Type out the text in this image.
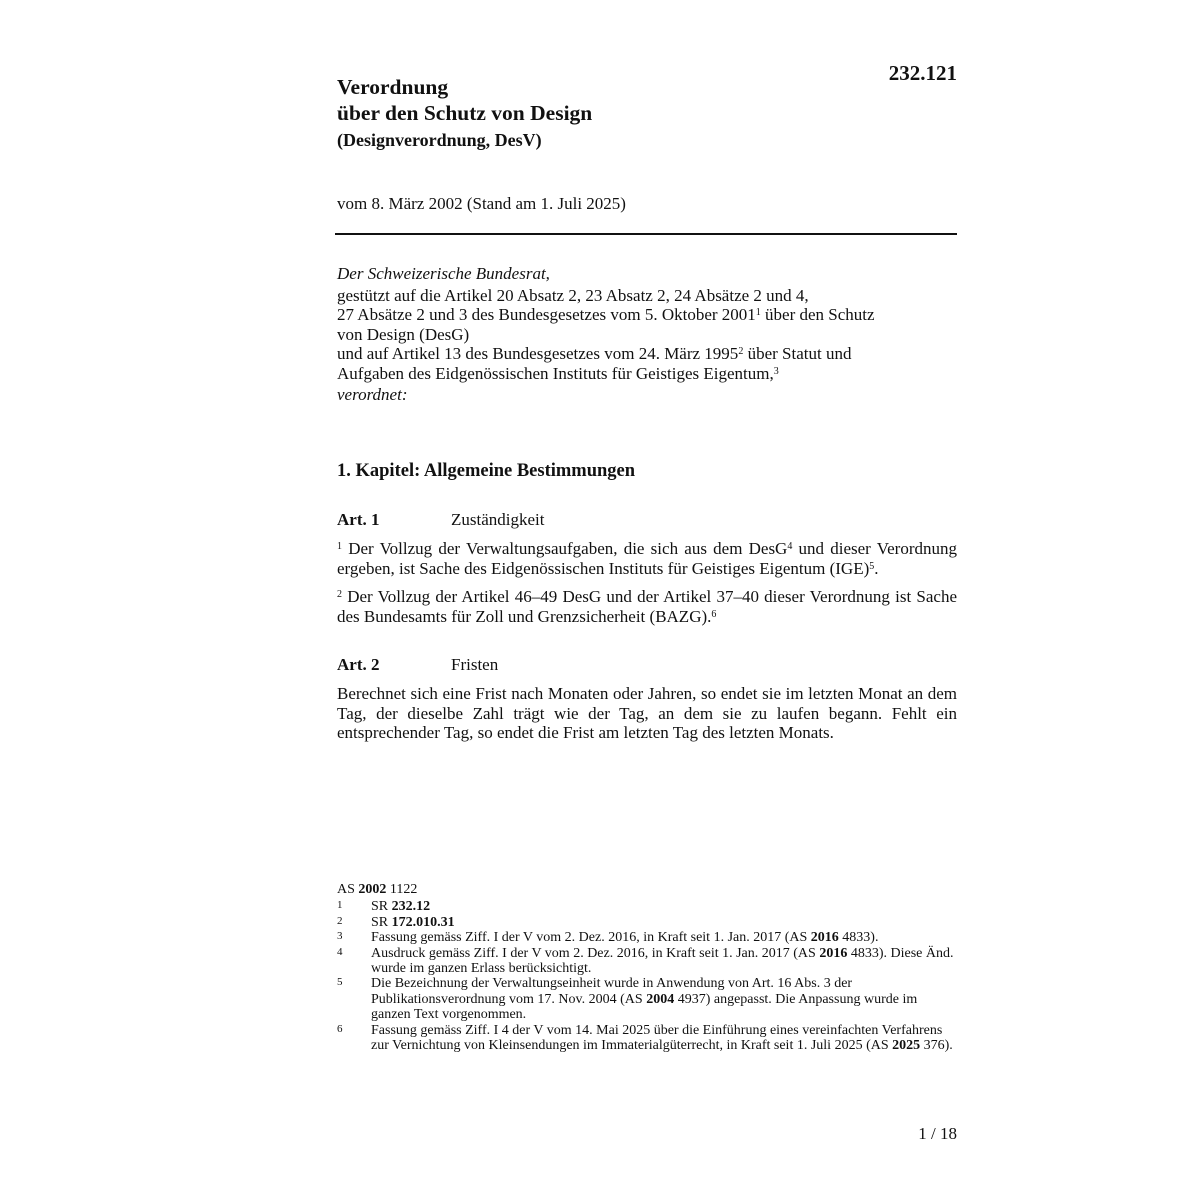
232.121
Verordnung
über den Schutz von Design
(Designverordnung, DesV)
vom 8. März 2002 (Stand am 1. Juli 2025)

Der Schweizerische Bundesrat,

gestützt auf die Artikel 20 Absatz 2, 23 Absatz 2, 24 Absätze 2 und 4,
27 Absätze 2 und 3 des Bundesgesetzes vom 5. Oktober 2001$^1$ über den Schutz
von Design (DesG)
und auf Artikel 13 des Bundesgesetzes vom 24. März 1995$^2$ über Statut und
Aufgaben des Eidgenössischen Instituts für Geistiges Eigentum,$^3$

verordnet:

1. Kapitel: Allgemeine Bestimmungen
Art. 1	Zuständigkeit
$^1$ Der Vollzug der Verwaltungsaufgaben, die sich aus dem DesG$^4$ und dieser Verordnung ergeben, ist Sache des Eidgenössischen Instituts für Geistiges Eigentum (IGE)$^5$.
$^2$ Der Vollzug der Artikel 46–49 DesG und der Artikel 37–40 dieser Verordnung ist Sache des Bundesamts für Zoll und Grenzsicherheit (BAZG).$^6$
Art. 2	Fristen
Berechnet sich eine Frist nach Monaten oder Jahren, so endet sie im letzten Monat an dem Tag, der dieselbe Zahl trägt wie der Tag, an dem sie zu laufen begann. Fehlt ein entsprechender Tag, so endet die Frist am letzten Tag des letzten Monats.

AS 2002 1122

1	SR 232.12
2	SR 172.010.31
3	Fassung gemäss Ziff. I der V vom 2. Dez. 2016, in Kraft seit 1. Jan. 2017 (AS 2016 4833).
4	Ausdruck gemäss Ziff. I der V vom 2. Dez. 2016, in Kraft seit 1. Jan. 2017 (AS 2016 4833). Diese Änd. wurde im ganzen Erlass berücksichtigt.
5	Die Bezeichnung der Verwaltungseinheit wurde in Anwendung von Art. 16 Abs. 3 der Publikationsverordnung vom 17. Nov. 2004 (AS 2004 4937) angepasst. Die Anpassung wurde im ganzen Text vorgenommen.
6	Fassung gemäss Ziff. I 4 der V vom 14. Mai 2025 über die Einführung eines vereinfachten Verfahrens zur Vernichtung von Kleinsendungen im Immaterialgüterrecht, in Kraft seit 1. Juli 2025 (AS 2025 376).
1 / 18
